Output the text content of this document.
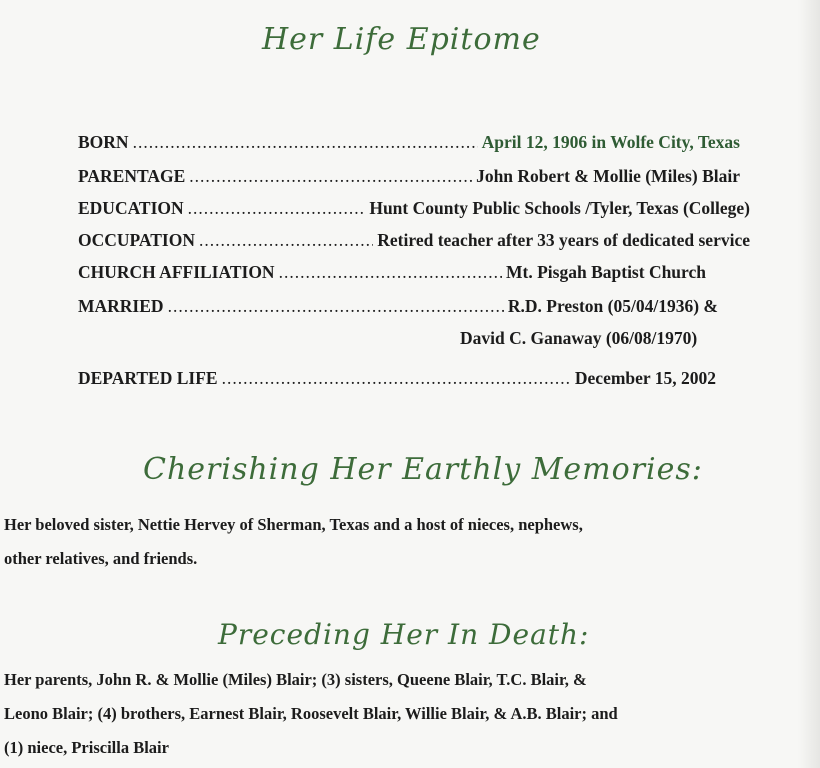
Her Life Epitome
BORN .....	April 12, 1906 in Wolfe City, Texas
PARENTAGE .....	John Robert & Mollie (Miles) Blair
EDUCATION .....	Hunt County Public Schools /Tyler, Texas (College)
OCCUPATION .....	Retired teacher after 33 years of dedicated service
CHURCH AFFILIATION .....	Mt. Pisgah Baptist Church
MARRIED .....	R.D. Preston (05/04/1936) &
David C. Ganaway (06/08/1970)
DEPARTED LIFE .....	December 15, 2002
Cherishing Her Earthly Memories:
Her beloved sister, Nettie Hervey of Sherman, Texas and a host of nieces, nephews,
other relatives, and friends.
Preceding Her In Death:
Her parents, John R. & Mollie (Miles) Blair; (3) sisters, Queene Blair, T.C. Blair, &
Leono Blair; (4) brothers, Earnest Blair, Roosevelt Blair, Willie Blair, & A.B. Blair; and
(1) niece, Priscilla Blair
